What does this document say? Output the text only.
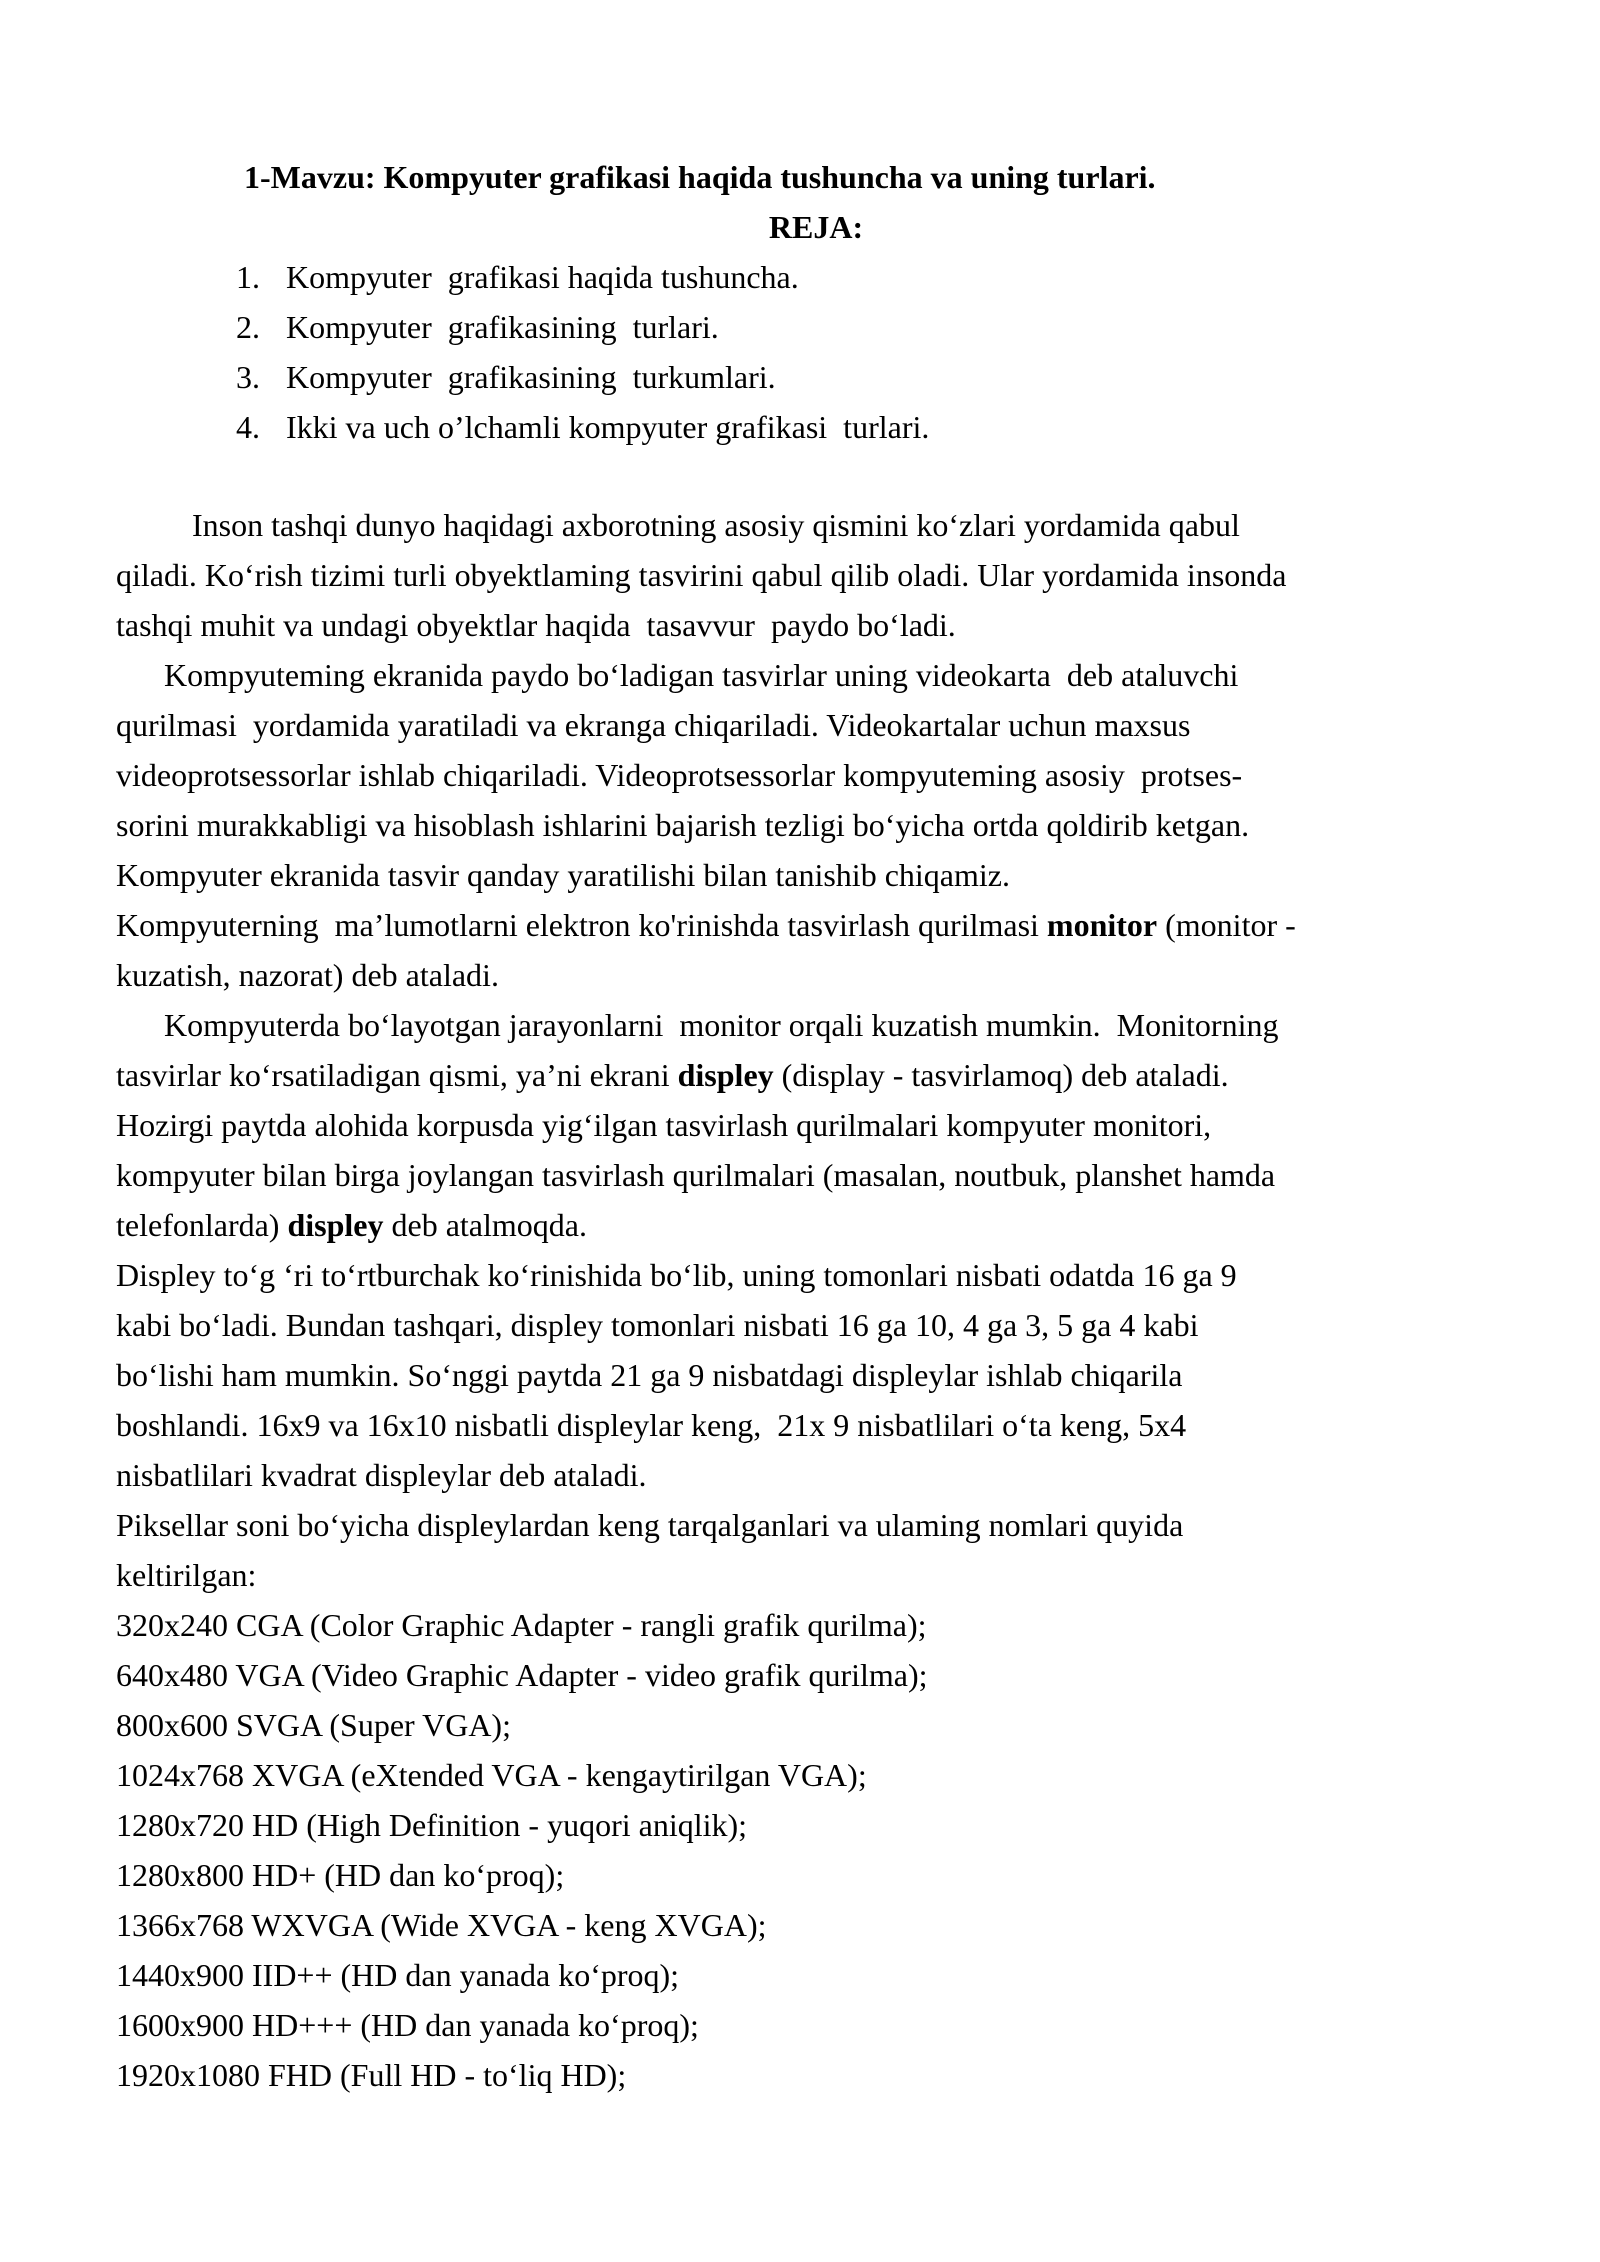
1-Mavzu: Kompyuter grafikasi haqida tushuncha va uning turlari.
REJA:
1. Kompyuter  grafikasi haqida tushuncha.
2. Kompyuter  grafikasining  turlari.
3. Kompyuter  grafikasining  turkumlari.
4. Ikki va uch o’lchamli kompyuter grafikasi  turlari.
Inson tashqi dunyo haqidagi axborotning asosiy qismini ko‘zlari yordamida qabul
qiladi. Ko‘rish tizimi turli obyektlaming tasvirini qabul qilib oladi. Ular yordamida insonda
tashqi muhit va undagi obyektlar haqida  tasavvur  paydo bo‘ladi.
Kompyuteming ekranida paydo bo‘ladigan tasvirlar uning videokarta  deb ataluvchi
qurilmasi  yordamida yaratiladi va ekranga chiqariladi. Videokartalar uchun maxsus
videoprotsessorlar ishlab chiqariladi. Videoprotsessorlar kompyuteming asosiy  protses-
sorini murakkabligi va hisoblash ishlarini bajarish tezligi bo‘yicha ortda qoldirib ketgan.
Kompyuter ekranida tasvir qanday yaratilishi bilan tanishib chiqamiz.
Kompyuterning  ma’lumotlarni elektron ko'rinishda tasvirlash qurilmasi monitor (monitor -
kuzatish, nazorat) deb ataladi.
Kompyuterda bo‘layotgan jarayonlarni  monitor orqali kuzatish mumkin.  Monitorning
tasvirlar ko‘rsatiladigan qismi, ya’ni ekrani displey (display - tasvirlamoq) deb ataladi.
Hozirgi paytda alohida korpusda yig‘ilgan tasvirlash qurilmalari kompyuter monitori,
kompyuter bilan birga joylangan tasvirlash qurilmalari (masalan, noutbuk, planshet hamda
telefonlarda) displey deb atalmoqda.
Displey to‘g ‘ri to‘rtburchak ko‘rinishida bo‘lib, uning tomonlari nisbati odatda 16 ga 9
kabi bo‘ladi. Bundan tashqari, displey tomonlari nisbati 16 ga 10, 4 ga 3, 5 ga 4 kabi
bo‘lishi ham mumkin. So‘nggi paytda 21 ga 9 nisbatdagi displeylar ishlab chiqarila
boshlandi. 16x9 va 16x10 nisbatli displeylar keng,  21x 9 nisbatlilari o‘ta keng, 5x4
nisbatlilari kvadrat displeylar deb ataladi.
Piksellar soni bo‘yicha displeylardan keng tarqalganlari va ulaming nomlari quyida
keltirilgan:
320x240 CGA (Color Graphic Adapter - rangli grafik qurilma);
640x480 VGA (Video Graphic Adapter - video grafik qurilma);
800x600 SVGA (Super VGA);
1024x768 XVGA (eXtended VGA - kengaytirilgan VGA);
1280x720 HD (High Definition - yuqori aniqlik);
1280x800 HD+ (HD dan ko‘proq);
1366x768 WXVGA (Wide XVGA - keng XVGA);
1440x900 IID++ (HD dan yanada ko‘proq);
1600x900 HD+++ (HD dan yanada ko‘proq);
1920x1080 FHD (Full HD - to‘liq HD);
